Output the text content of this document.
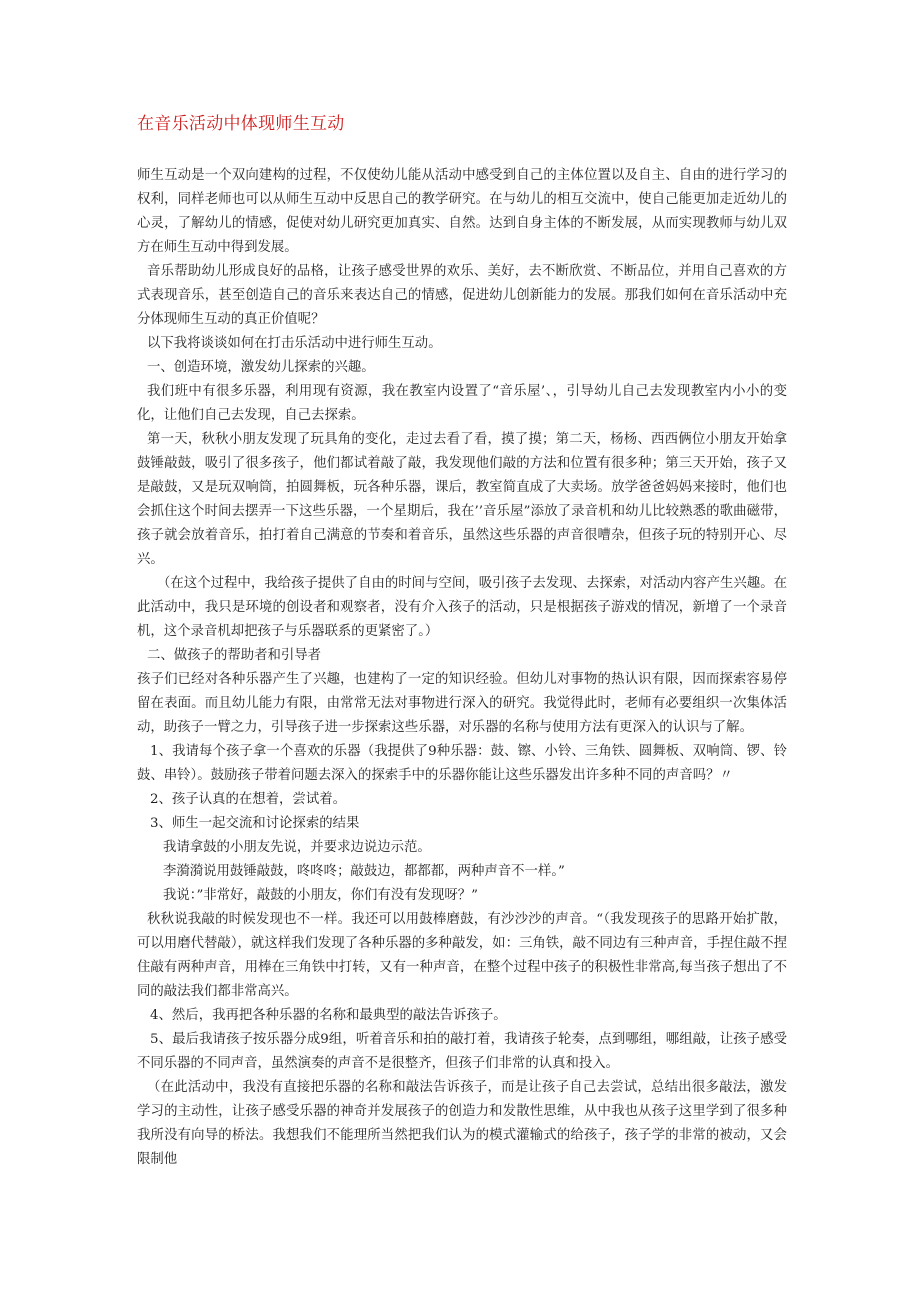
在音乐活动中体现师生互动

师生互动是一个双向建构的过程，不仅使幼儿能从活动中感受到自己的主体位置以及自主、自由的进行学习的权利，同样老师也可以从师生互动中反思自己的教学研究。在与幼儿的相互交流中，使自己能更加走近幼儿的心灵，了解幼儿的情感，促使对幼儿研究更加真实、自然。达到自身主体的不断发展，从而实现教师与幼儿双方在师生互动中得到发展。

音乐帮助幼儿形成良好的品格，让孩子感受世界的欢乐、美好，去不断欣赏、不断品位，并用自己喜欢的方式表现音乐，甚至创造自己的音乐来表达自己的情感，促进幼儿创新能力的发展。那我们如何在音乐活动中充分体现师生互动的真正价值呢？

以下我将谈谈如何在打击乐活动中进行师生互动。

一、创造环境，激发幼儿探索的兴趣。

我们班中有很多乐器，利用现有资源，我在教室内设置了“音乐屋’、，引导幼儿自己去发现教室内小小的变化，让他们自己去发现，自己去探索。

第一天，秋秋小朋友发现了玩具角的变化，走过去看了看，摸了摸；第二天，杨杨、西西俩位小朋友开始拿鼓锤敲鼓，吸引了很多孩子，他们都试着敲了敲，我发现他们敲的方法和位置有很多种；第三天开始，孩子又是敲鼓，又是玩双响筒，拍圆舞板，玩各种乐器，课后，教室简直成了大卖场。放学爸爸妈妈来接时，他们也会抓住这个时间去摆弄一下这些乐器，一个星期后，我在’’音乐屋”添放了录音机和幼儿比较熟悉的歌曲磁带，孩子就会放着音乐，拍打着自己满意的节奏和着音乐，虽然这些乐器的声音很嘈杂，但孩子玩的特别开心、尽兴。

（在这个过程中，我给孩子提供了自由的时间与空间，吸引孩子去发现、去探索，对活动内容产生兴趣。在此活动中，我只是环境的创设者和观察者，没有介入孩子的活动，只是根据孩子游戏的情况，新增了一个录音机，这个录音机却把孩子与乐器联系的更紧密了。）

二、做孩子的帮助者和引导者

孩子们已经对各种乐器产生了兴趣，也建构了一定的知识经验。但幼儿对事物的热认识有限，因而探索容易停留在表面。而且幼儿能力有限，由常常无法对事物进行深入的研究。我觉得此时，老师有必要组织一次集体活动，助孩子一臂之力，引导孩子进一步探索这些乐器，对乐器的名称与使用方法有更深入的认识与了解。

1、我请每个孩子拿一个喜欢的乐器（我提供了9种乐器：鼓、镲、小铃、三角铁、圆舞板、双响筒、锣、铃鼓、串铃）。鼓励孩子带着问题去深入的探索手中的乐器你能让这些乐器发出许多种不同的声音吗？〃

2、孩子认真的在想着，尝试着。

3、师生一起交流和讨论探索的结果

我请拿鼓的小朋友先说，并要求边说边示范。

李漪漪说用鼓锤敲鼓，咚咚咚；敲鼓边，都都都，两种声音不一样。”

我说：”非常好，敲鼓的小朋友，你们有没有发现呀？”

秋秋说我敲的时候发现也不一样。我还可以用鼓棒磨鼓，有沙沙沙的声音。“（我发现孩子的思路开始扩散，可以用磨代替敲），就这样我们发现了各种乐器的多种敲发，如：三角铁，敲不同边有三种声音，手捏住敲不捏住敲有两种声音，用棒在三角铁中打转，又有一种声音，在整个过程中孩子的积极性非常高,每当孩子想出了不同的敲法我们都非常高兴。

4、然后，我再把各种乐器的名称和最典型的敲法告诉孩子。

5、最后我请孩子按乐器分成9组，听着音乐和拍的敲打着，我请孩子轮奏，点到哪组，哪组敲，让孩子感受不同乐器的不同声音，虽然演奏的声音不是很整齐，但孩子们非常的认真和投入。

（在此活动中，我没有直接把乐器的名称和敲法告诉孩子，而是让孩子自己去尝试，总结出很多敲法，激发学习的主动性，让孩子感受乐器的神奇并发展孩子的创造力和发散性思维，从中我也从孩子这里学到了很多种我所没有向导的桥法。我想我们不能理所当然把我们认为的模式灌输式的给孩子，孩子学的非常的被动，又会限制他
